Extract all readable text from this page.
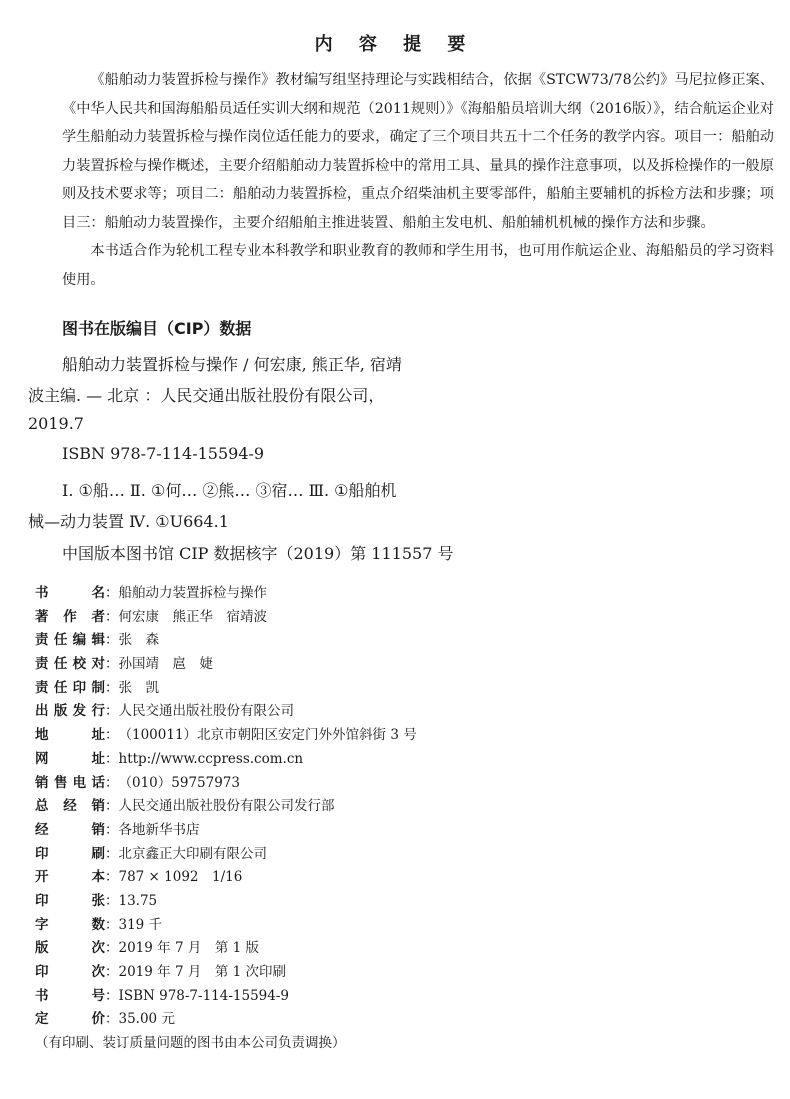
内 容 提 要

《船舶动力装置拆检与操作》教材编写组坚持理论与实践相结合，依据《STCW73/78公约》马尼拉修正案、《中华人民共和国海船船员适任实训大纲和规范（2011规则）》《海船船员培训大纲（2016版）》，结合航运企业对学生船舶动力装置拆检与操作岗位适任能力的要求，确定了三个项目共五十二个任务的教学内容。项目一：船舶动力装置拆检与操作概述，主要介绍船舶动力装置拆检中的常用工具、量具的操作注意事项，以及拆检操作的一般原则及技术要求等；项目二：船舶动力装置拆检，重点介绍柴油机主要零部件，船舶主要辅机的拆检方法和步骤；项目三：船舶动力装置操作，主要介绍船舶主推进装置、船舶主发电机、船舶辅机机械的操作方法和步骤。

本书适合作为轮机工程专业本科教学和职业教育的教师和学生用书，也可用作航运企业、海船船员的学习资料使用。

图书在版编目（CIP）数据
船舶动力装置拆检与操作 / 何宏康, 熊正华, 宿靖
波主编. — 北京 ：人民交通出版社股份有限公司，
2019.7
ISBN 978-7-114-15594-9
Ⅰ. ①船… Ⅱ. ①何… ②熊… ③宿… Ⅲ. ①船舶机
械—动力装置 Ⅳ. ①U664.1
中国版本图书馆 CIP 数据核字（2019）第 111557 号
书名：船舶动力装置拆检与操作
著作者：何宏康　熊正华　宿靖波
责任编辑：张　森
责任校对：孙国靖　扈　婕
责任印制：张　凯
出版发行：人民交通出版社股份有限公司
地址：（100011）北京市朝阳区安定门外外馆斜街 3 号
网址：http://www.ccpress.com.cn
销售电话：（010）59757973
总经销：人民交通出版社股份有限公司发行部
经销：各地新华书店
印刷：北京鑫正大印刷有限公司
开本：787 × 1092　1/16
印张：13.75
字数：319 千
版次：2019 年 7 月　第 1 版
印次：2019 年 7 月　第 1 次印刷
书号：ISBN 978-7-114-15594-9
定价：35.00 元
（有印刷、装订质量问题的图书由本公司负责调换）
